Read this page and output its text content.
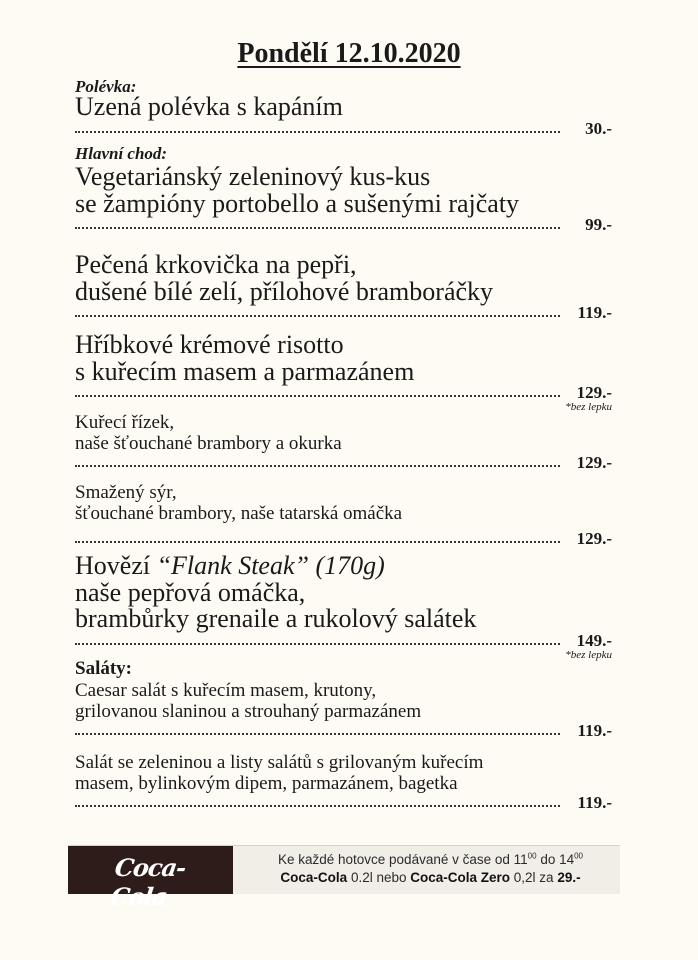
Pondělí 12.10.2020
Polévka:
Uzená polévka s kapáním
30.-
Hlavní chod:
Vegetariánský zeleninový kus-kus
se žampióny portobello a sušenými rajčaty
99.-
Pečená krkovička na pepři,
dušené bílé zelí, přílohové bramboráčky
119.-
Hříbkové krémové risotto
s kuřecím masem a parmazánem
129.-
*bez lepku
Kuřecí řízek,
naše šťouchané brambory a okurka
129.-
Smažený sýr,
šťouchané brambory, naše tatarská omáčka
129.-
Hovězí “Flank Steak” (170g)
naše pepřová omáčka,
brambůrky grenaile a rukolový salátek
149.-
*bez lepku
Saláty:
Caesar salát s kuřecím masem, krutony,
grilovanou slaninou a strouhaný parmazánem
119.-
Salát se zeleninou a listy salátů s grilovaným kuřecím
masem, bylinkovým dipem, parmazánem, bagetka
119.-
Coca-Cola
Ke každé hotovce podávané v čase od $11^{00}$ do $14^{00}$
Coca-Cola 0.2l nebo Coca-Cola Zero 0,2l za 29.-
